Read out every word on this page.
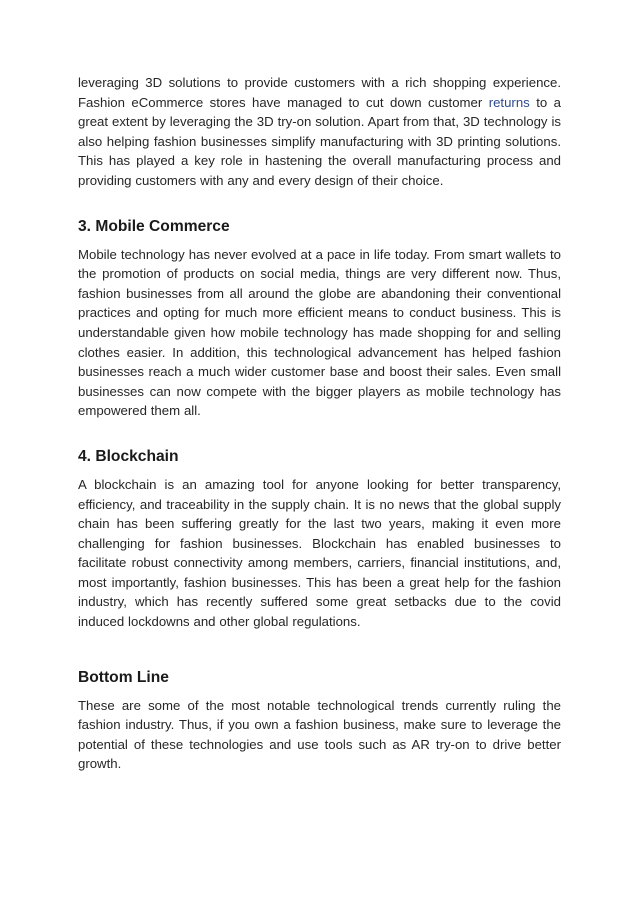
leveraging 3D solutions to provide customers with a rich shopping experience. Fashion eCommerce stores have managed to cut down customer returns to a great extent by leveraging the 3D try-on solution. Apart from that, 3D technology is also helping fashion businesses simplify manufacturing with 3D printing solutions. This has played a key role in hastening the overall manufacturing process and providing customers with any and every design of their choice.

3. Mobile Commerce

Mobile technology has never evolved at a pace in life today. From smart wallets to the promotion of products on social media, things are very different now. Thus, fashion businesses from all around the globe are abandoning their conventional practices and opting for much more efficient means to conduct business. This is understandable given how mobile technology has made shopping for and selling clothes easier. In addition, this technological advancement has helped fashion businesses reach a much wider customer base and boost their sales. Even small businesses can now compete with the bigger players as mobile technology has empowered them all.

4. Blockchain

A blockchain is an amazing tool for anyone looking for better transparency, efficiency, and traceability in the supply chain. It is no news that the global supply chain has been suffering greatly for the last two years, making it even more challenging for fashion businesses. Blockchain has enabled businesses to facilitate robust connectivity among members, carriers, financial institutions, and, most importantly, fashion businesses. This has been a great help for the fashion industry, which has recently suffered some great setbacks due to the covid induced lockdowns and other global regulations.

Bottom Line

These are some of the most notable technological trends currently ruling the fashion industry. Thus, if you own a fashion business, make sure to leverage the potential of these technologies and use tools such as AR try-on to drive better growth.
